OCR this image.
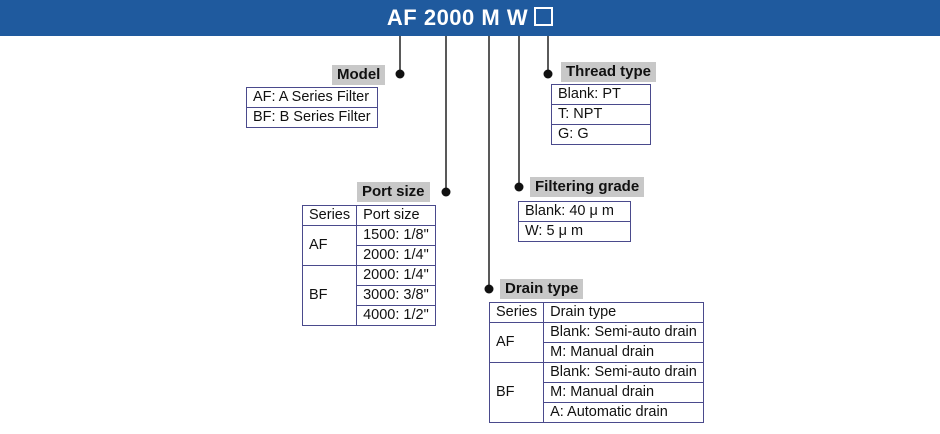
AF 2000 M W
Model
AF: A Series Filter
BF: B Series Filter
Thread type
Blank: PT
T: NPT
G: G
Filtering grade
Blank: 40 μ m
W: 5 μ m
Port size
Series	Port size
AF	1500: 1/8"
	2000: 1/4"
BF	2000: 1/4"
	3000: 3/8"
	4000: 1/2"
Drain type
Series	Drain type
AF	Blank: Semi-auto drain
	M: Manual drain
BF	Blank: Semi-auto drain
	M: Manual drain
	A: Automatic drain
